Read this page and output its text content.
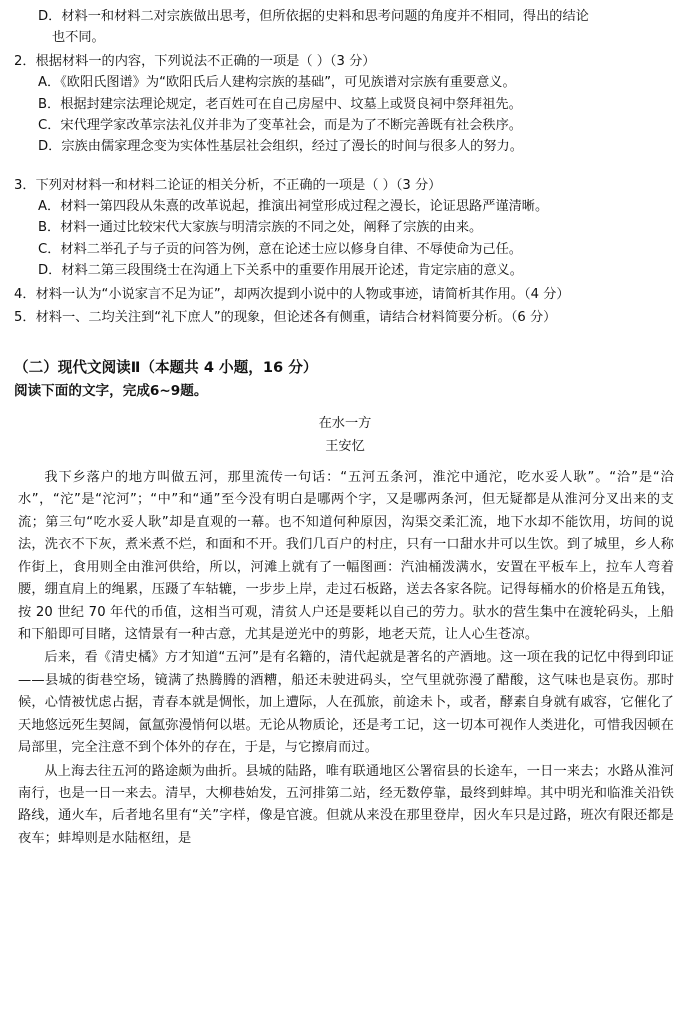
D．材料一和材料二对宗族做出思考，但所依据的史料和思考问题的角度并不相同，得出的结论
也不同。
2．根据材料一的内容，下列说法不正确的一项是（ ）（3 分）
A．《欧阳氏图谱》为“欧阳氏后人建构宗族的基础”，可见族谱对宗族有重要意义。
B．根据封建宗法理论规定，老百姓可在自己房屋中、坟墓上或贤良祠中祭拜祖先。
C．宋代理学家改革宗法礼仪并非为了变革社会，而是为了不断完善既有社会秩序。
D．宗族由儒家理念变为实体性基层社会组织，经过了漫长的时间与很多人的努力。
3．下列对材料一和材料二论证的相关分析，不正确的一项是（ ）（3 分）
A．材料一第四段从朱熹的改革说起，推演出祠堂形成过程之漫长，论证思路严谨清晰。
B．材料一通过比较宋代大家族与明清宗族的不同之处，阐释了宗族的由来。
C．材料二举孔子与子贡的问答为例，意在论述士应以修身自律、不辱使命为己任。
D．材料二第三段围绕士在沟通上下关系中的重要作用展开论述，肯定宗庙的意义。
4．材料一认为“小说家言不足为证”，却两次提到小说中的人物或事迹，请简析其作用。（4 分）
5．材料一、二均关注到“礼下庶人”的现象，但论述各有侧重，请结合材料简要分析。（6 分）
（二）现代文阅读Ⅱ（本题共 4 小题，16 分）
阅读下面的文字，完成6~9题。
在水一方
王安忆

我下乡落户的地方叫做五河，那里流传一句话：“五河五条河，淮沱中通沱，吃水妥人耿”。“洽”是“洽水”，“沱”是“沱河”；“中”和“通”至今没有明白是哪两个字，又是哪两条河，但无疑都是从淮河分叉出来的支流；第三句“吃水妥人耿”却是直观的一幕。也不知道何种原因，沟渠交柔汇流，地下水却不能饮用，坊间的说法，洗衣不下灰，煮米煮不烂，和面和不开。我们几百户的村庄，只有一口甜水井可以生饮。到了城里，乡人称作街上，食用则全由淮河供给，所以，河滩上就有了一幅图画：汽油桶泼满水，安置在平板车上，拉车人弯着腰，绷直肩上的绳累，压蹑了车轱辘，一步步上岸，走过石板路，送去各家各院。记得每桶水的价格是五角钱，按 20 世纪 70 年代的币值，这相当可观，清贫人户还是要耗以自己的劳力。驮水的营生集中在渡轮码头，上船和下船即可目睹，这情景有一种古意，尤其是逆光中的剪影，地老天荒，让人心生苍凉。

后来，看《清史橘》方才知道“五河”是有名籍的，清代起就是著名的产酒地。这一项在我的记忆中得到印证——县城的街巷空场，镜满了热腾腾的酒糟，船还未驶进码头，空气里就弥漫了醋酸，这气味也是哀伤。那时候，心情被忧虑占据，青春本就是惆怅，加上遭际，人在孤旅，前途未卜，或者，酵素自身就有戚容，它催化了天地悠远死生契阔，氤氲弥漫悄何以堪。无论从物质论，还是考工记，这一切本可视作人类进化，可惜我因顿在局部里，完全注意不到个体外的存在，于是，与它擦肩而过。

从上海去往五河的路途颇为曲折。县城的陆路，唯有联通地区公署宿县的长途车，一日一来去；水路从淮河南行，也是一日一来去。清早，大柳巷始发，五河排第二站，经无数停靠，最终到蚌埠。其中明光和临淮关沿铁路线，通火车，后者地名里有“关”字样，像是官渡。但就从来没在那里登岸，因火车只是过路，班次有限还都是夜车；蚌埠则是水陆枢纽，是
